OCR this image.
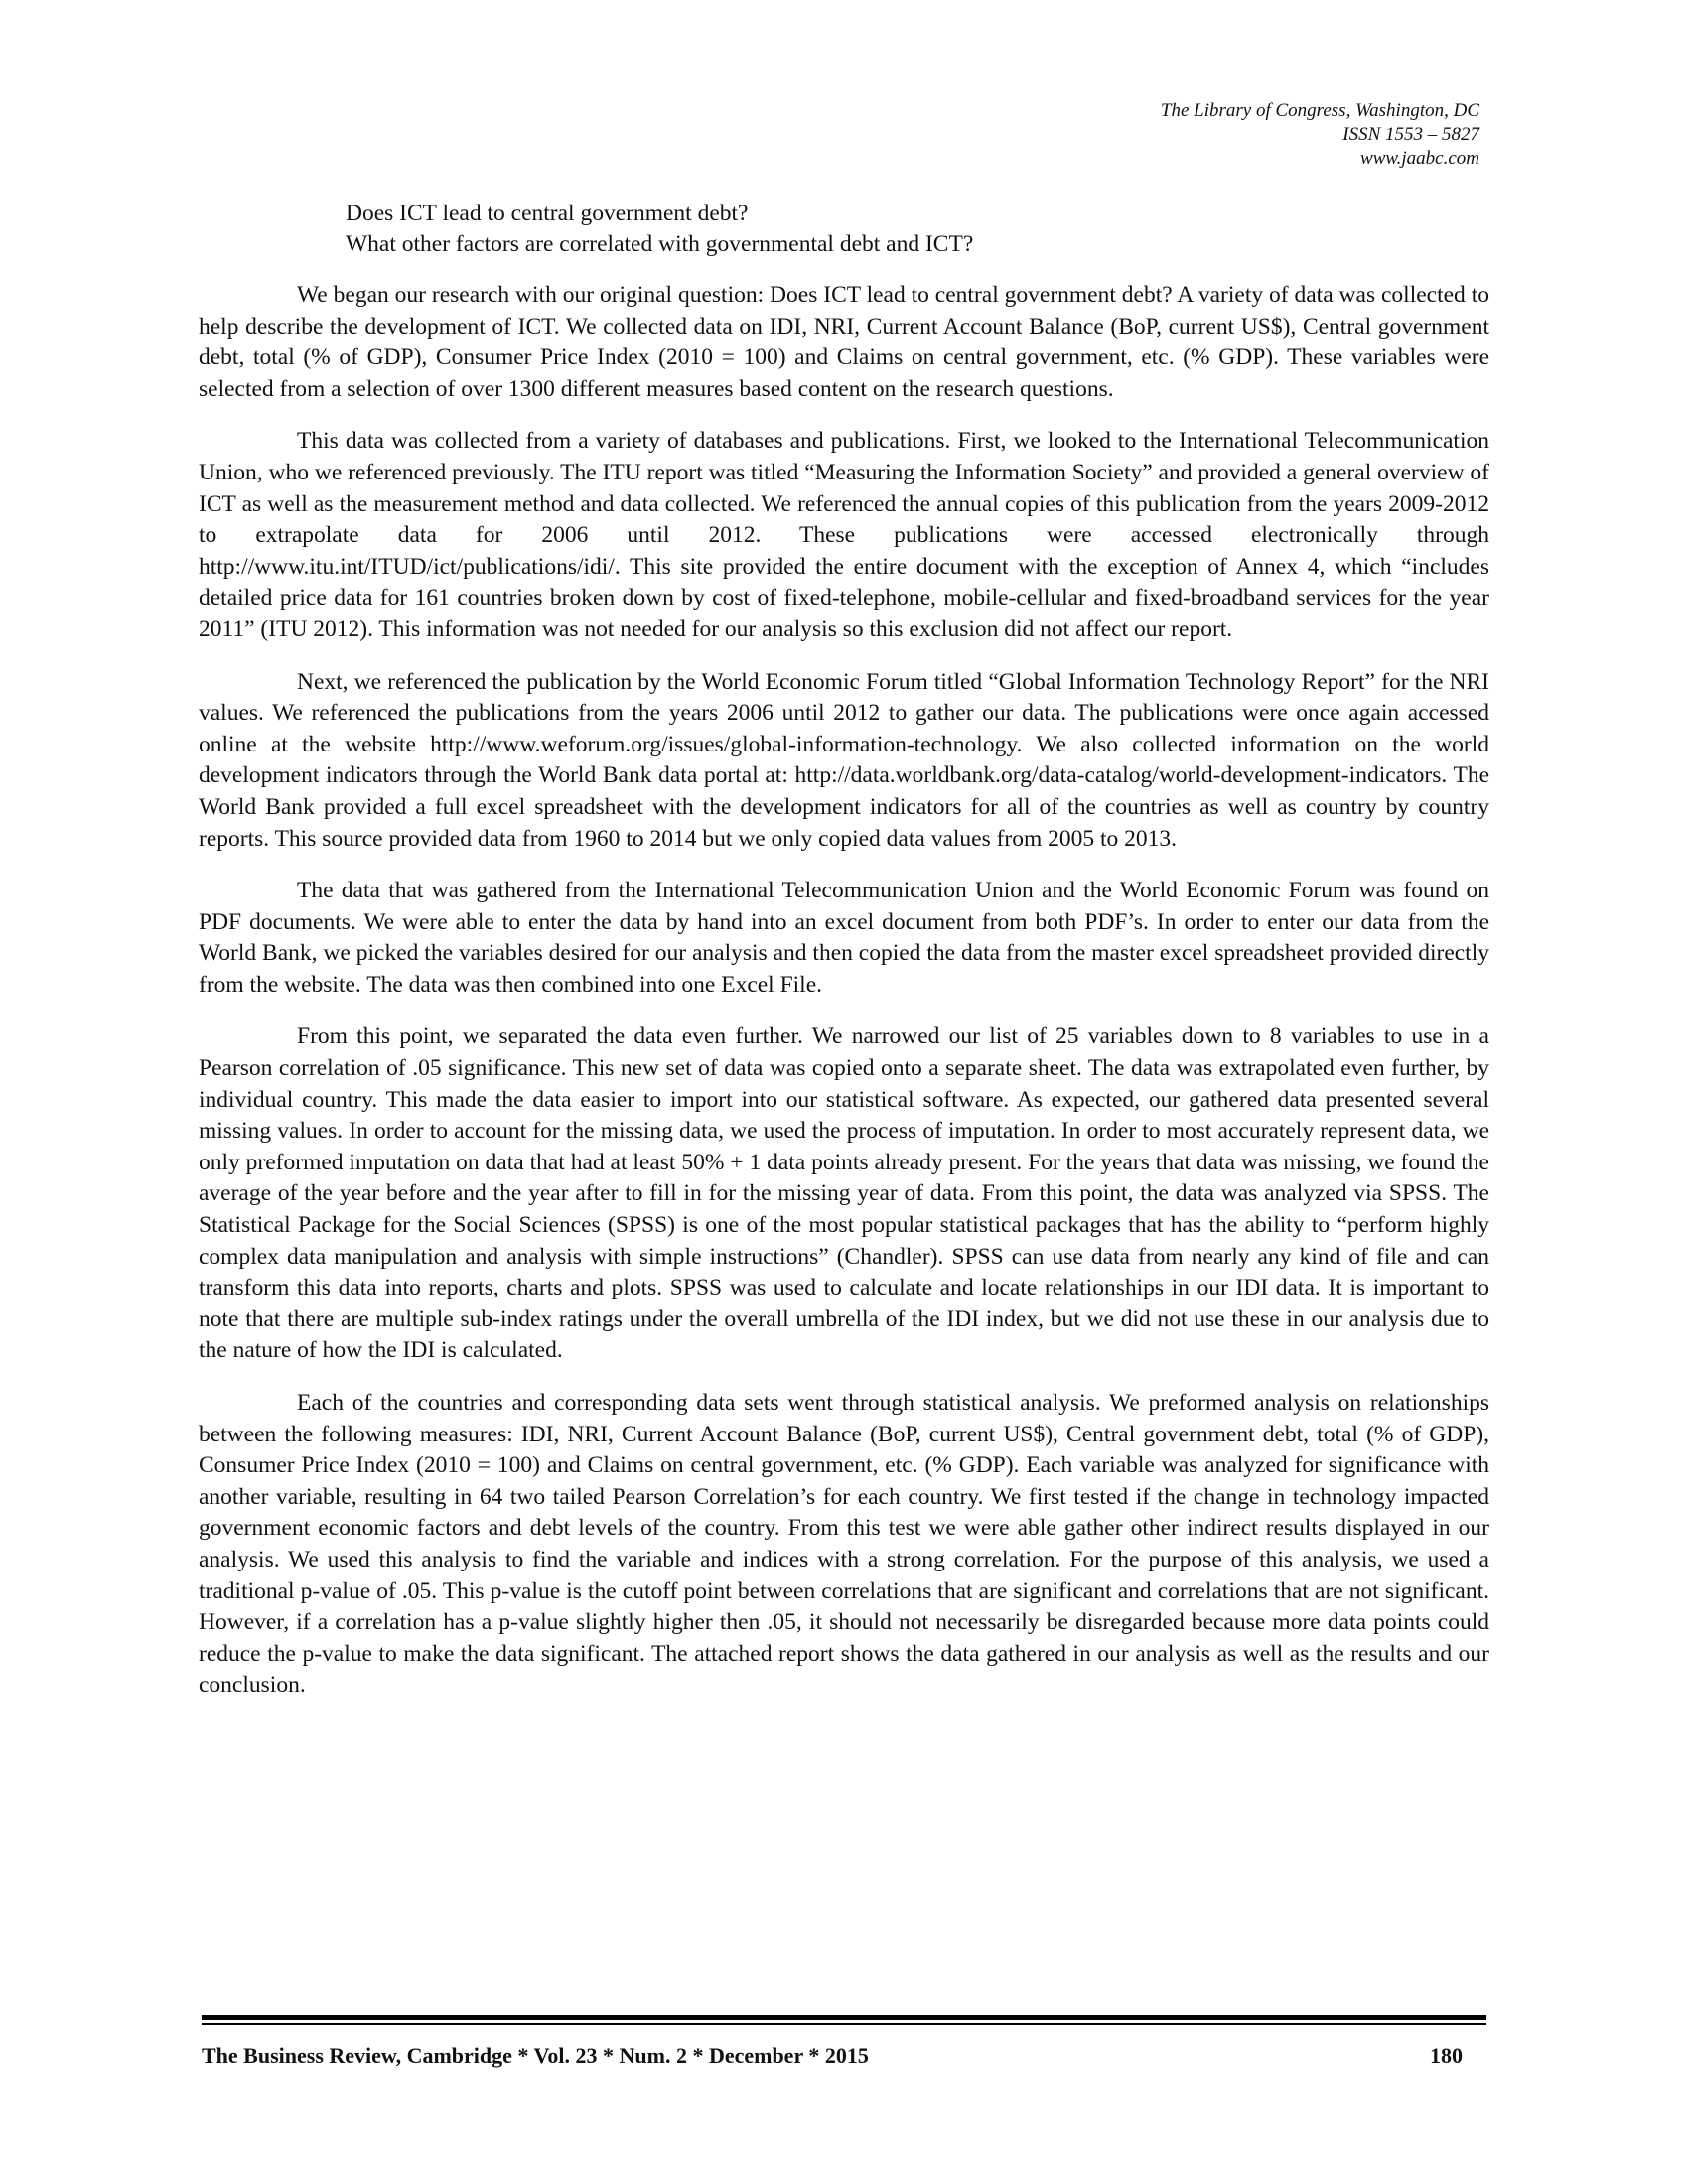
The Library of Congress, Washington, DC
ISSN 1553 – 5827
www.jaabc.com
Does ICT lead to central government debt?
What other factors are correlated with governmental debt and ICT?

We began our research with our original question: Does ICT lead to central government debt? A variety of data was collected to help describe the development of ICT. We collected data on IDI, NRI, Current Account Balance (BoP, current US$), Central government debt, total (% of GDP), Consumer Price Index (2010 = 100) and Claims on central government, etc. (% GDP). These variables were selected from a selection of over 1300 different measures based content on the research questions.

This data was collected from a variety of databases and publications. First, we looked to the International Telecommunication Union, who we referenced previously. The ITU report was titled “Measuring the Information Society” and provided a general overview of ICT as well as the measurement method and data collected. We referenced the annual copies of this publication from the years 2009-2012 to extrapolate data for 2006 until 2012. These publications were accessed electronically through http://www.itu.int/ITUD/ict/publications/idi/. This site provided the entire document with the exception of Annex 4, which “includes detailed price data for 161 countries broken down by cost of fixed-telephone, mobile-cellular and fixed-broadband services for the year 2011” (ITU 2012). This information was not needed for our analysis so this exclusion did not affect our report.

Next, we referenced the publication by the World Economic Forum titled “Global Information Technology Report” for the NRI values. We referenced the publications from the years 2006 until 2012 to gather our data. The publications were once again accessed online at the website http://www.weforum.org/issues/global-information-technology. We also collected information on the world development indicators through the World Bank data portal at: http://data.worldbank.org/data-catalog/world-development-indicators. The World Bank provided a full excel spreadsheet with the development indicators for all of the countries as well as country by country reports. This source provided data from 1960 to 2014 but we only copied data values from 2005 to 2013.

The data that was gathered from the International Telecommunication Union and the World Economic Forum was found on PDF documents. We were able to enter the data by hand into an excel document from both PDF’s. In order to enter our data from the World Bank, we picked the variables desired for our analysis and then copied the data from the master excel spreadsheet provided directly from the website. The data was then combined into one Excel File.

From this point, we separated the data even further. We narrowed our list of 25 variables down to 8 variables to use in a Pearson correlation of .05 significance. This new set of data was copied onto a separate sheet. The data was extrapolated even further, by individual country. This made the data easier to import into our statistical software. As expected, our gathered data presented several missing values. In order to account for the missing data, we used the process of imputation. In order to most accurately represent data, we only preformed imputation on data that had at least 50% + 1 data points already present. For the years that data was missing, we found the average of the year before and the year after to fill in for the missing year of data. From this point, the data was analyzed via SPSS. The Statistical Package for the Social Sciences (SPSS) is one of the most popular statistical packages that has the ability to “perform highly complex data manipulation and analysis with simple instructions” (Chandler). SPSS can use data from nearly any kind of file and can transform this data into reports, charts and plots. SPSS was used to calculate and locate relationships in our IDI data. It is important to note that there are multiple sub-index ratings under the overall umbrella of the IDI index, but we did not use these in our analysis due to the nature of how the IDI is calculated.

Each of the countries and corresponding data sets went through statistical analysis. We preformed analysis on relationships between the following measures: IDI, NRI, Current Account Balance (BoP, current US$), Central government debt, total (% of GDP), Consumer Price Index (2010 = 100) and Claims on central government, etc. (% GDP). Each variable was analyzed for significance with another variable, resulting in 64 two tailed Pearson Correlation’s for each country. We first tested if the change in technology impacted government economic factors and debt levels of the country. From this test we were able gather other indirect results displayed in our analysis. We used this analysis to find the variable and indices with a strong correlation. For the purpose of this analysis, we used a traditional p-value of .05. This p-value is the cutoff point between correlations that are significant and correlations that are not significant. However, if a correlation has a p-value slightly higher then .05, it should not necessarily be disregarded because more data points could reduce the p-value to make the data significant. The attached report shows the data gathered in our analysis as well as the results and our conclusion.

The Business Review, Cambridge * Vol. 23 * Num. 2 * December * 2015	180
